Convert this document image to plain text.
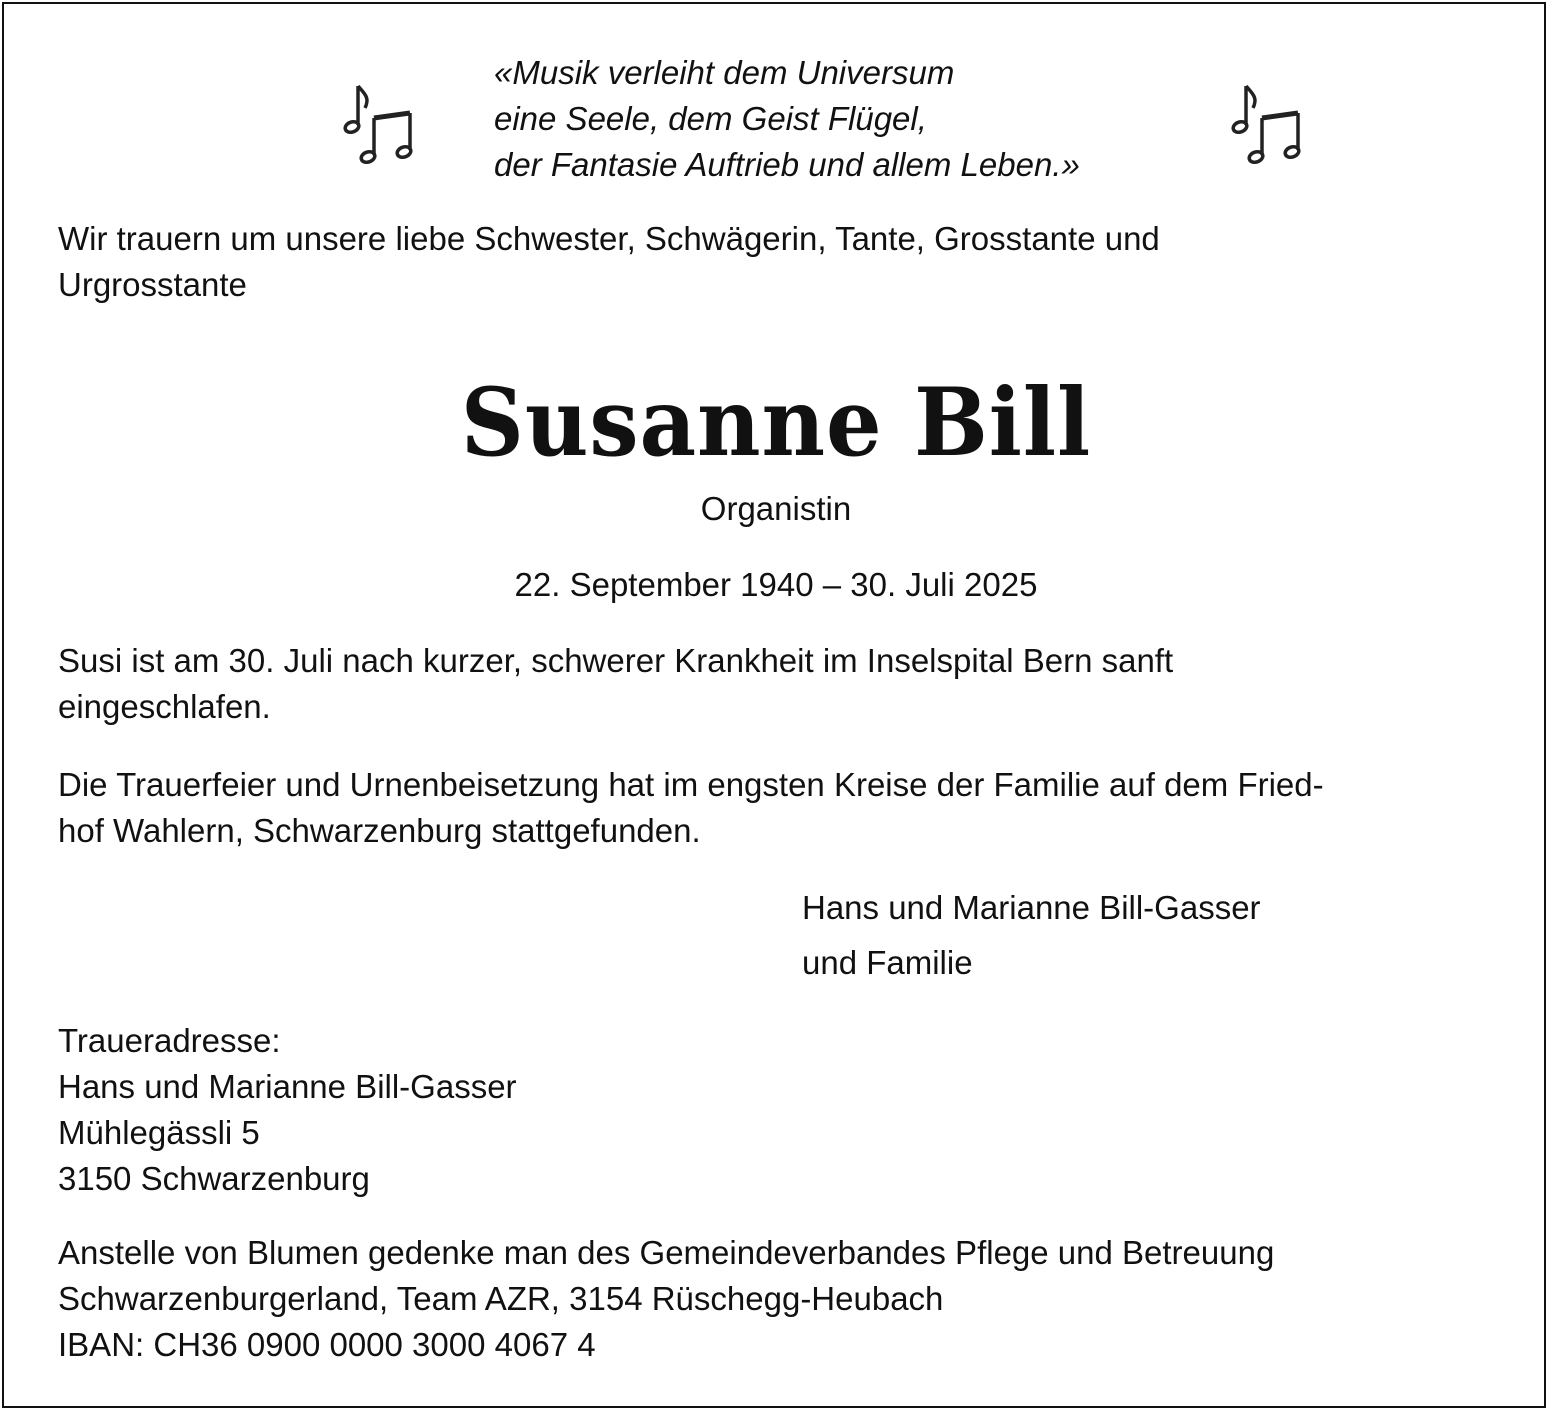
«Musik verleiht dem Universum
eine Seele, dem Geist Flügel,
der Fantasie Auftrieb und allem Leben.»
Wir trauern um unsere liebe Schwester, Schwägerin, Tante, Grosstante und
Urgrosstante
Susanne Bill
Organistin
22. September 1940 – 30. Juli 2025
Susi ist am 30. Juli nach kurzer, schwerer Krankheit im Inselspital Bern sanft
eingeschlafen.
Die Trauerfeier und Urnenbeisetzung hat im engsten Kreise der Familie auf dem Fried-
hof Wahlern, Schwarzenburg stattgefunden.
Hans und Marianne Bill-Gasser
und Familie
Traueradresse:
Hans und Marianne Bill-Gasser
Mühlegässli 5
3150 Schwarzenburg
Anstelle von Blumen gedenke man des Gemeindeverbandes Pflege und Betreuung
Schwarzenburgerland, Team AZR, 3154 Rüschegg-Heubach
IBAN: CH36 0900 0000 3000 4067 4
